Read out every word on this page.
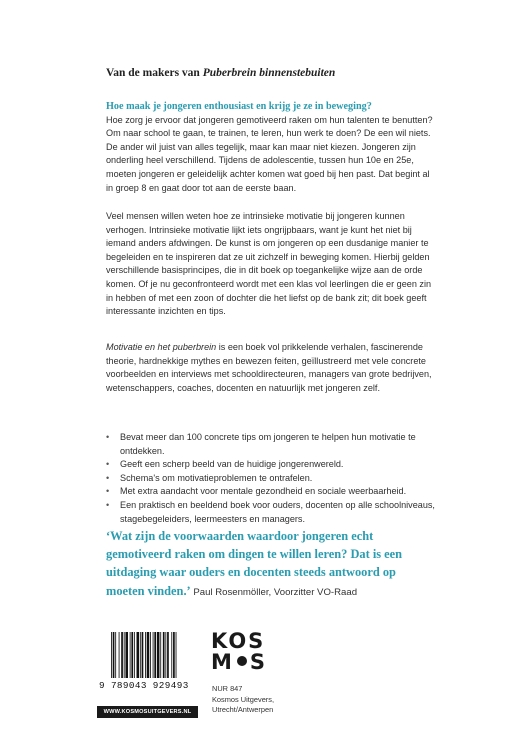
Van de makers van Puberbrein binnenstebuiten

Hoe maak je jongeren enthousiast en krijg je ze in beweging?

Hoe zorg je ervoor dat jongeren gemotiveerd raken om hun talenten te benutten? Om naar school te gaan, te trainen, te leren, hun werk te doen? De een wil niets. De ander wil juist van alles tegelijk, maar kan maar niet kiezen. Jongeren zijn onderling heel verschillend. Tijdens de adolescentie, tussen hun 10e en 25e, moeten jongeren er geleidelijk achter komen wat goed bij hen past. Dat begint al in groep 8 en gaat door tot aan de eerste baan.

Veel mensen willen weten hoe ze intrinsieke motivatie bij jongeren kunnen verhogen. Intrinsieke motivatie lijkt iets ongrijpbaars, want je kunt het niet bij iemand anders afdwingen. De kunst is om jongeren op een dusdanige manier te begeleiden en te inspireren dat ze uit zichzelf in beweging komen. Hierbij gelden verschillende basisprincipes, die in dit boek op toegankelijke wijze aan de orde komen. Of je nu geconfronteerd wordt met een klas vol leerlingen die er geen zin in hebben of met een zoon of dochter die het liefst op de bank zit; dit boek geeft interessante inzichten en tips.

Motivatie en het puberbrein is een boek vol prikkelende verhalen, fascinerende theorie, hardnekkige mythes en bewezen feiten, geïllustreerd met vele concrete voorbeelden en interviews met schooldirecteuren, managers van grote bedrijven, wetenschappers, coaches, docenten en natuurlijk met jongeren zelf.

• Bevat meer dan 100 concrete tips om jongeren te helpen hun motivatie te ontdekken.
• Geeft een scherp beeld van de huidige jongerenwereld.
• Schema's om motivatieproblemen te ontrafelen.
• Met extra aandacht voor mentale gezondheid en sociale weerbaarheid.
• Een praktisch en beeldend boek voor ouders, docenten op alle schoolniveaus, stagebegeleiders, leermeesters en managers.
‘Wat zijn de voorwaarden waardoor jongeren echt gemotiveerd raken om dingen te willen leren? Dat is een uitdaging waar ouders en docenten steeds antwoord op moeten vinden.’ Paul Rosenmöller, Voorzitter VO-Raad
9 789043 929493
WWW.KOSMOSUITGEVERS.NL
KOS
M S
NUR 847
Kosmos Uitgevers,
Utrecht/Antwerpen
